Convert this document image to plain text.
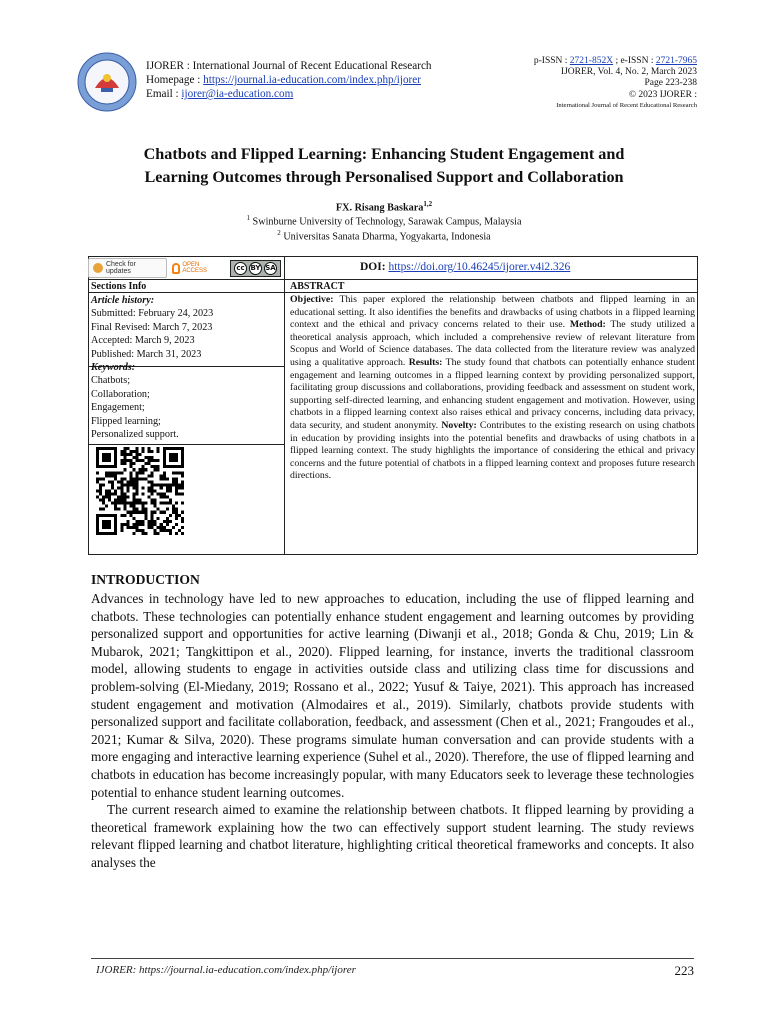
IJORER : International Journal of Recent Educational Research
Homepage : https://journal.ia-education.com/index.php/ijorer
Email : ijorer@ia-education.com
p-ISSN : 2721-852X ; e-ISSN : 2721-7965
IJORER, Vol. 4, No. 2, March 2023
Page 223-238
© 2023 IJORER :
International Journal of Recent Educational Research
Chatbots and Flipped Learning: Enhancing Student Engagement and
Learning Outcomes through Personalised Support and Collaboration
FX. Risang Baskara$^{1,2}$
$^1$ Swinburne University of Technology, Sarawak Campus, Malaysia
$^2$ Universitas Sanata Dharma, Yogyakarta, Indonesia
Check for updates
OPEN ACCESS	cc BY SA	DOI: https://doi.org/10.46245/ijorer.v4i2.326
Sections Info	ABSTRACT
Article history:
Submitted: February 24, 2023
Final Revised: March 7, 2023
Accepted: March 9, 2023
Published: March 31, 2023
Keywords:
Chatbots;
Collaboration;
Engagement;
Flipped learning;
Personalized support.
Objective: This paper explored the relationship between chatbots and flipped learning in an educational setting. It also identifies the benefits and drawbacks of using chatbots in a flipped learning context and the ethical and privacy concerns related to their use. Method: The study utilized a theoretical analysis approach, which included a comprehensive review of relevant literature from Scopus and World of Science databases. The data collected from the literature review was analyzed using a qualitative approach. Results: The study found that chatbots can potentially enhance student engagement and learning outcomes in a flipped learning context by providing personalized support, facilitating group discussions and collaborations, providing feedback and assessment on student work, supporting self-directed learning, and enhancing student engagement and motivation. However, using chatbots in a flipped learning context also raises ethical and privacy concerns, including data privacy, data security, and student anonymity. Novelty: Contributes to the existing research on using chatbots in education by providing insights into the potential benefits and drawbacks of using chatbots in a flipped learning context. The study highlights the importance of considering the ethical and privacy concerns and the future potential of chatbots in a flipped learning context and proposes future research directions.
INTRODUCTION

Advances in technology have led to new approaches to education, including the use of flipped learning and chatbots. These technologies can potentially enhance student engagement and learning outcomes by providing personalized support and opportunities for active learning (Diwanji et al., 2018; Gonda & Chu, 2019; Lin & Mubarok, 2021; Tangkittipon et al., 2020). Flipped learning, for instance, inverts the traditional classroom model, allowing students to engage in activities outside class and utilizing class time for discussions and problem-solving (El-Miedany, 2019; Rossano et al., 2022; Yusuf & Taiye, 2021). This approach has increased student engagement and motivation (Almodaires et al., 2019). Similarly, chatbots provide students with personalized support and facilitate collaboration, feedback, and assessment (Chen et al., 2021; Frangoudes et al., 2021; Kumar & Silva, 2020). These programs simulate human conversation and can provide students with a more engaging and interactive learning experience (Suhel et al., 2020). Therefore, the use of flipped learning and chatbots in education has become increasingly popular, with many Educators seek to leverage these technologies potential to enhance student learning outcomes.

The current research aimed to examine the relationship between chatbots. It flipped learning by providing a theoretical framework explaining how the two can effectively support student learning. The study reviews relevant flipped learning and chatbot literature, highlighting critical theoretical frameworks and concepts. It also analyses the

IJORER: https://journal.ia-education.com/index.php/ijorer	223
